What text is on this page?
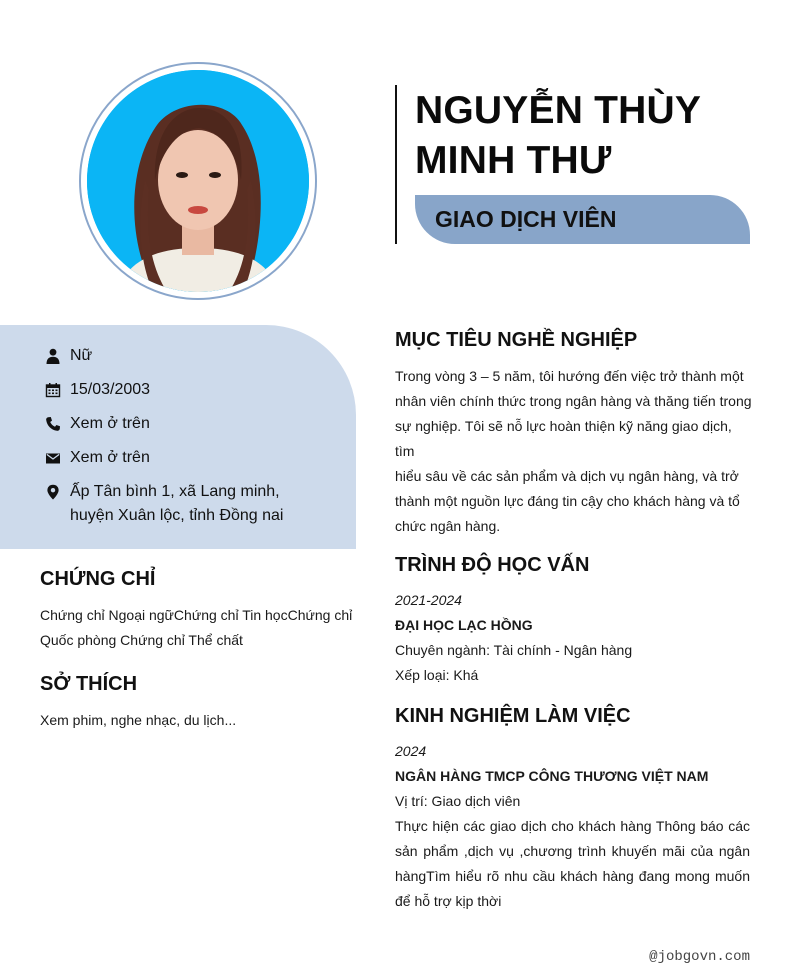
NGUYỄN THÙY
MINH THƯ
GIAO DỊCH VIÊN
Nữ
15/03/2003
Xem ở trên
Xem ở trên
Ấp Tân bình 1, xã Lang minh,
huyện Xuân lộc, tỉnh Đồng nai
CHỨNG CHỈ
Chứng chỉ Ngoại ngữChứng chỉ Tin họcChứng chỉ
Quốc phòng Chứng chỉ Thể chất
SỞ THÍCH
Xem phim, nghe nhạc, du lịch...
MỤC TIÊU NGHỀ NGHIỆP
Trong vòng 3 – 5 năm, tôi hướng đến việc trở thành một
nhân viên chính thức trong ngân hàng và thăng tiến trong
sự nghiệp. Tôi sẽ nỗ lực hoàn thiện kỹ năng giao dịch, tìm
hiểu sâu về các sản phẩm và dịch vụ ngân hàng, và trở
thành một nguồn lực đáng tin cậy cho khách hàng và tổ
chức ngân hàng.
TRÌNH ĐỘ HỌC VẤN
2021-2024
ĐẠI HỌC LẠC HỒNG
Chuyên ngành: Tài chính - Ngân hàng
Xếp loại: Khá
KINH NGHIỆM LÀM VIỆC
2024
NGÂN HÀNG TMCP CÔNG THƯƠNG VIỆT NAM
Vị trí: Giao dịch viên
Thực hiện các giao dịch cho khách hàng Thông báo các
sản phẩm ,dịch vụ ,chương trình khuyến mãi của ngân
hàngTìm hiểu rõ nhu cầu khách hàng đang mong muốn
để hỗ trợ kịp thời
@jobgovn.com
